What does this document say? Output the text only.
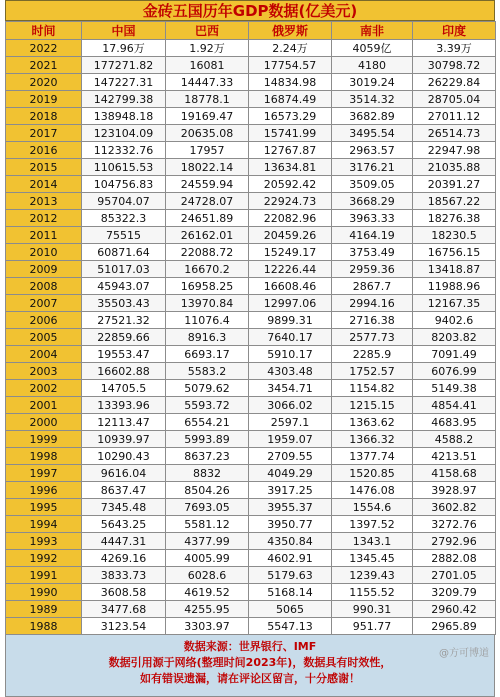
金砖五国历年GDP数据(亿美元)
时间	中国	巴西	俄罗斯	南非	印度
2022	17.96万	1.92万	2.24万	4059亿	3.39万
2021	177271.82	16081	17754.57	4180	30798.72
2020	147227.31	14447.33	14834.98	3019.24	26229.84
2019	142799.38	18778.1	16874.49	3514.32	28705.04
2018	138948.18	19169.47	16573.29	3682.89	27011.12
2017	123104.09	20635.08	15741.99	3495.54	26514.73
2016	112332.76	17957	12767.87	2963.57	22947.98
2015	110615.53	18022.14	13634.81	3176.21	21035.88
2014	104756.83	24559.94	20592.42	3509.05	20391.27
2013	95704.07	24728.07	22924.73	3668.29	18567.22
2012	85322.3	24651.89	22082.96	3963.33	18276.38
2011	75515	26162.01	20459.26	4164.19	18230.5
2010	60871.64	22088.72	15249.17	3753.49	16756.15
2009	51017.03	16670.2	12226.44	2959.36	13418.87
2008	45943.07	16958.25	16608.46	2867.7	11988.96
2007	35503.43	13970.84	12997.06	2994.16	12167.35
2006	27521.32	11076.4	9899.31	2716.38	9402.6
2005	22859.66	8916.3	7640.17	2577.73	8203.82
2004	19553.47	6693.17	5910.17	2285.9	7091.49
2003	16602.88	5583.2	4303.48	1752.57	6076.99
2002	14705.5	5079.62	3454.71	1154.82	5149.38
2001	13393.96	5593.72	3066.02	1215.15	4854.41
2000	12113.47	6554.21	2597.1	1363.62	4683.95
1999	10939.97	5993.89	1959.07	1366.32	4588.2
1998	10290.43	8637.23	2709.55	1377.74	4213.51
1997	9616.04	8832	4049.29	1520.85	4158.68
1996	8637.47	8504.26	3917.25	1476.08	3928.97
1995	7345.48	7693.05	3955.37	1554.6	3602.82
1994	5643.25	5581.12	3950.77	1397.52	3272.76
1993	4447.31	4377.99	4350.84	1343.1	2792.96
1992	4269.16	4005.99	4602.91	1345.45	2882.08
1991	3833.73	6028.6	5179.63	1239.43	2701.05
1990	3608.58	4619.52	5168.14	1155.52	3209.79
1989	3477.68	4255.95	5065	990.31	2960.42
1988	3123.54	3303.97	5547.13	951.77	2965.89
数据来源：世界银行、IMF
数据引用源于网络(整理时间2023年)，数据具有时效性，
如有错误遗漏，请在评论区留言，十分感谢！
@方可博道
